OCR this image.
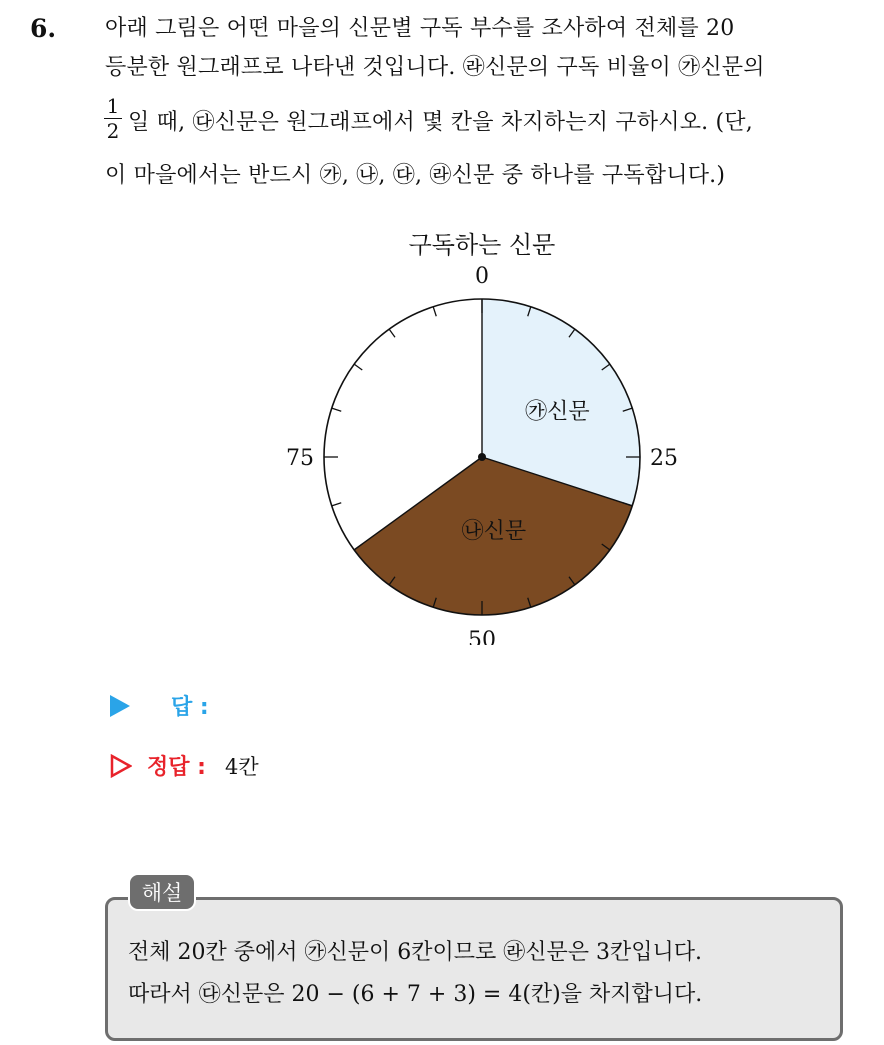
6. 아래 그림은 어떤 마을의 신문별 구독 부수를 조사하여 전체를 20
등분한 원그래프로 나타낸 것입니다. ㉱신문의 구독 비율이 ㉮신문의
$\frac{1}{2}$ 일 때, ㉰신문은 원그래프에서 몇 칸을 차지하는지 구하시오. (단,
이 마을에서는 반드시 ㉮, ㉯, ㉰, ㉱신문 중 하나를 구독합니다.)
구독하는 신문
0
25
50
75
㉮신문
㉯신문
답 :
정답 : 4칸
해설
전체 20칸 중에서 ㉮신문이 6칸이므로 ㉱신문은 3칸입니다.
따라서 ㉰신문은 20 − (6 + 7 + 3) = 4(칸)을 차지합니다.
